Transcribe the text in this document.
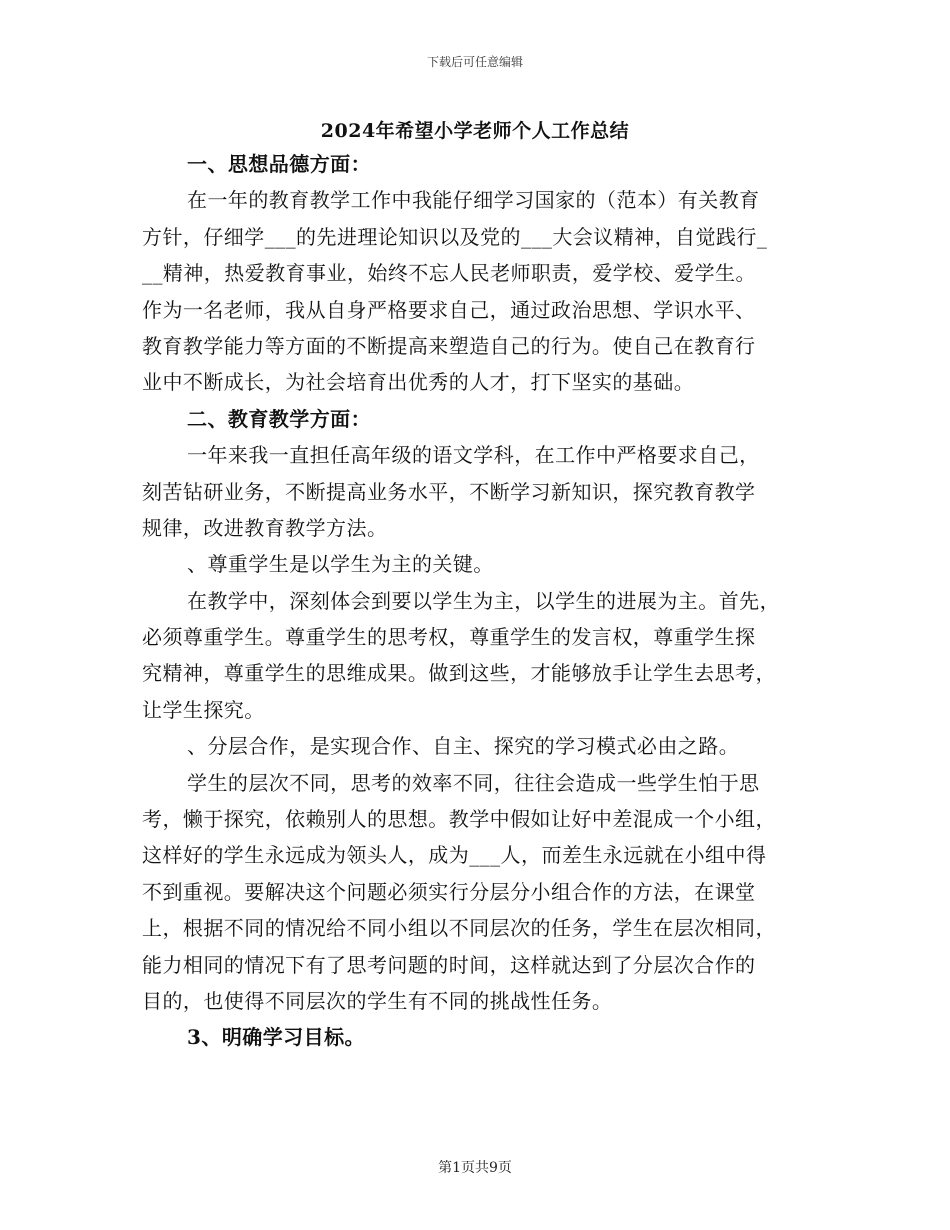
下载后可任意编辑
2024年希望小学老师个人工作总结
一、思想品德方面：
在一年的教育教学工作中我能仔细学习国家的（范本）有关教育
方针，仔细学___的先进理论知识以及党的___大会议精神，自觉践行_
__精神，热爱教育事业，始终不忘人民老师职责，爱学校、爱学生。
作为一名老师，我从自身严格要求自己，通过政治思想、学识水平、
教育教学能力等方面的不断提高来塑造自己的行为。使自己在教育行
业中不断成长，为社会培育出优秀的人才，打下坚实的基础。
二、教育教学方面：
一年来我一直担任高年级的语文学科，在工作中严格要求自己，
刻苦钻研业务，不断提高业务水平，不断学习新知识，探究教育教学
规律，改进教育教学方法。
、尊重学生是以学生为主的关键。
在教学中，深刻体会到要以学生为主，以学生的进展为主。首先，
必须尊重学生。尊重学生的思考权，尊重学生的发言权，尊重学生探
究精神，尊重学生的思维成果。做到这些，才能够放手让学生去思考，
让学生探究。
、分层合作，是实现合作、自主、探究的学习模式必由之路。
学生的层次不同，思考的效率不同，往往会造成一些学生怕于思
考，懒于探究，依赖别人的思想。教学中假如让好中差混成一个小组，
这样好的学生永远成为领头人，成为___人，而差生永远就在小组中得
不到重视。要解决这个问题必须实行分层分小组合作的方法，在课堂
上，根据不同的情况给不同小组以不同层次的任务，学生在层次相同，
能力相同的情况下有了思考问题的时间，这样就达到了分层次合作的
目的，也使得不同层次的学生有不同的挑战性任务。
3、明确学习目标。
第1页共9页
